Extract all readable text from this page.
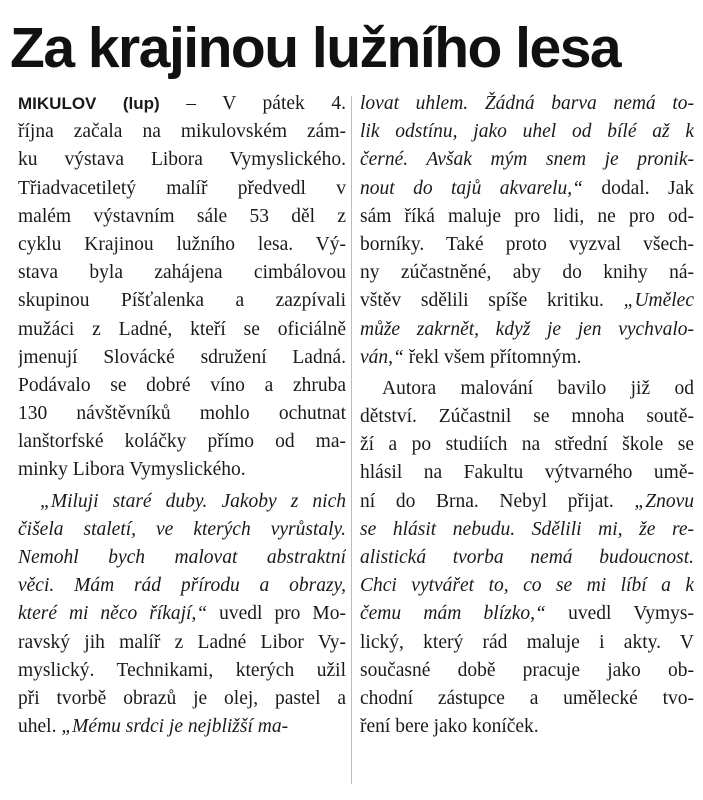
Za krajinou lužního lesa
MIKULOV (lup) – V pátek 4.
října začala na mikulovském zám-
ku výstava Libora Vymyslického.
Třiadvacetiletý malíř předvedl v
malém výstavním sále 53 děl z
cyklu Krajinou lužního lesa. Vý-
stava byla zahájena cimbálovou
skupinou Píšťalenka a zazpívali
mužáci z Ladné, kteří se oficiálně
jmenují Slovácké sdružení Ladná.
Podávalo se dobré víno a zhruba
130 návštěvníků mohlo ochutnat
lanštorfské koláčky přímo od ma-
minky Libora Vymyslického.
„Miluji staré duby. Jakoby z nich
čišela staletí, ve kterých vyrůstaly.
Nemohl bych malovat abstraktní
věci. Mám rád přírodu a obrazy,
které mi něco říkají,“ uvedl pro Mo-
ravský jih malíř z Ladné Libor Vy-
myslický. Technikami, kterých užil
při tvorbě obrazů je olej, pastel a
uhel. „Mému srdci je nejbližší ma-
lovat uhlem. Žádná barva nemá to-
lik odstínu, jako uhel od bílé až k
černé. Avšak mým snem je pronik-
nout do tajů akvarelu,“ dodal. Jak
sám říká maluje pro lidi, ne pro od-
borníky. Také proto vyzval všech-
ny zúčastněné, aby do knihy ná-
vštěv sdělili spíše kritiku. „Umělec
může zakrnět, když je jen vychvalo-
ván,“ řekl všem přítomným.
Autora malování bavilo již od
dětství. Zúčastnil se mnoha soutě-
ží a po studiích na střední škole se
hlásil na Fakultu výtvarného umě-
ní do Brna. Nebyl přijat. „Znovu
se hlásit nebudu. Sdělili mi, že re-
alistická tvorba nemá budoucnost.
Chci vytvářet to, co se mi líbí a k
čemu mám blízko,“ uvedl Vymys-
lický, který rád maluje i akty. V
současné době pracuje jako ob-
chodní zástupce a umělecké tvo-
ření bere jako koníček.
